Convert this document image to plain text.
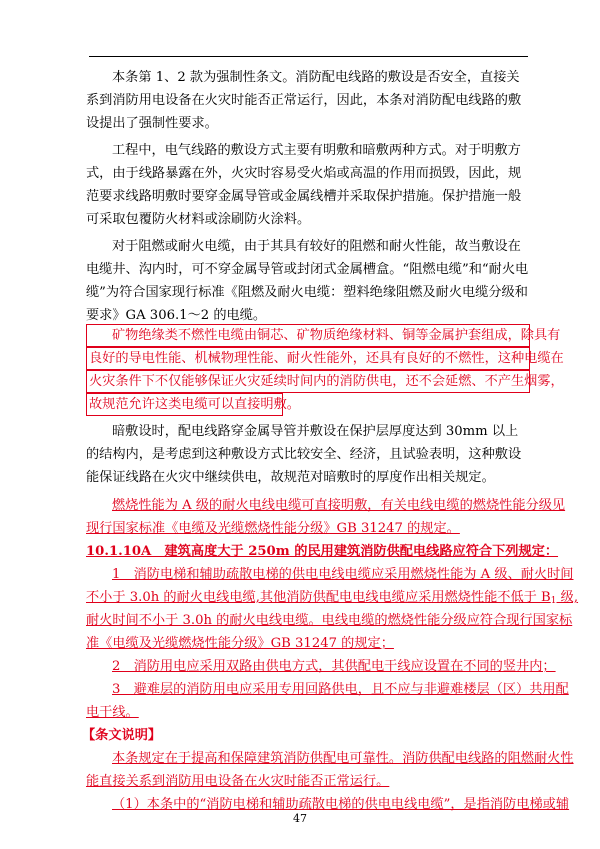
本条第 1、2 款为强制性条文。消防配电线路的敷设是否安全，直接关系到消防用电设备在火灾时能否正常运行，因此，本条对消防配电线路的敷设提出了强制性要求。

工程中，电气线路的敷设方式主要有明敷和暗敷两种方式。对于明敷方式，由于线路暴露在外，火灾时容易受火焰或高温的作用而损毁，因此，规范要求线路明敷时要穿金属导管或金属线槽并采取保护措施。保护措施一般可采取包覆防火材料或涂刷防火涂料。

对于阻燃或耐火电缆，由于其具有较好的阻燃和耐火性能，故当敷设在电缆井、沟内时，可不穿金属导管或封闭式金属槽盒。“阻燃电缆”和“耐火电缆”为符合国家现行标准《阻燃及耐火电缆：塑料绝缘阻燃及耐火电缆分级和要求》GA 306.1～2 的电缆。

矿物绝缘类不燃性电缆由铜芯、矿物质绝缘材料、铜等金属护套组成，除具有
良好的导电性能、机械物理性能、耐火性能外，还具有良好的不燃性，这种电缆在
火灾条件下不仅能够保证火灾延续时间内的消防供电，还不会延燃、不产生烟雾，
故规范允许这类电缆可以直接明敷。

暗敷设时，配电线路穿金属导管并敷设在保护层厚度达到 30mm 以上的结构内，是考虑到这种敷设方式比较安全、经济，且试验表明，这种敷设能保证线路在火灾中继续供电，故规范对暗敷时的厚度作出相关规定。

燃烧性能为 A 级的耐火电线电缆可直接明敷，有关电线电缆的燃烧性能分级见
现行国家标准《电缆及光缆燃烧性能分级》GB 31247 的规定。
10.1.10A　建筑高度大于 250m 的民用建筑消防供配电线路应符合下列规定：
1　消防电梯和辅助疏散电梯的供电电线电缆应采用燃烧性能为 A 级、耐火时间
不小于 3.0h 的耐火电线电缆,其他消防供配电电线电缆应采用燃烧性能不低于 $B_1$ 级,
耐火时间不小于 3.0h 的耐火电线电缆。电线电缆的燃烧性能分级应符合现行国家标
准《电缆及光缆燃烧性能分级》GB 31247 的规定；
2　消防用电应采用双路由供电方式，其供配电干线应设置在不同的竖井内；
3　避难层的消防用电应采用专用回路供电，且不应与非避难楼层（区）共用配
电干线。
【条文说明】
本条规定在于提高和保障建筑消防供配电可靠性。消防供配电线路的阻燃耐火性
能直接关系到消防用电设备在火灾时能否正常运行。
（1）本条中的“消防电梯和辅助疏散电梯的供电电线电缆”，是指消防电梯或辅
47
